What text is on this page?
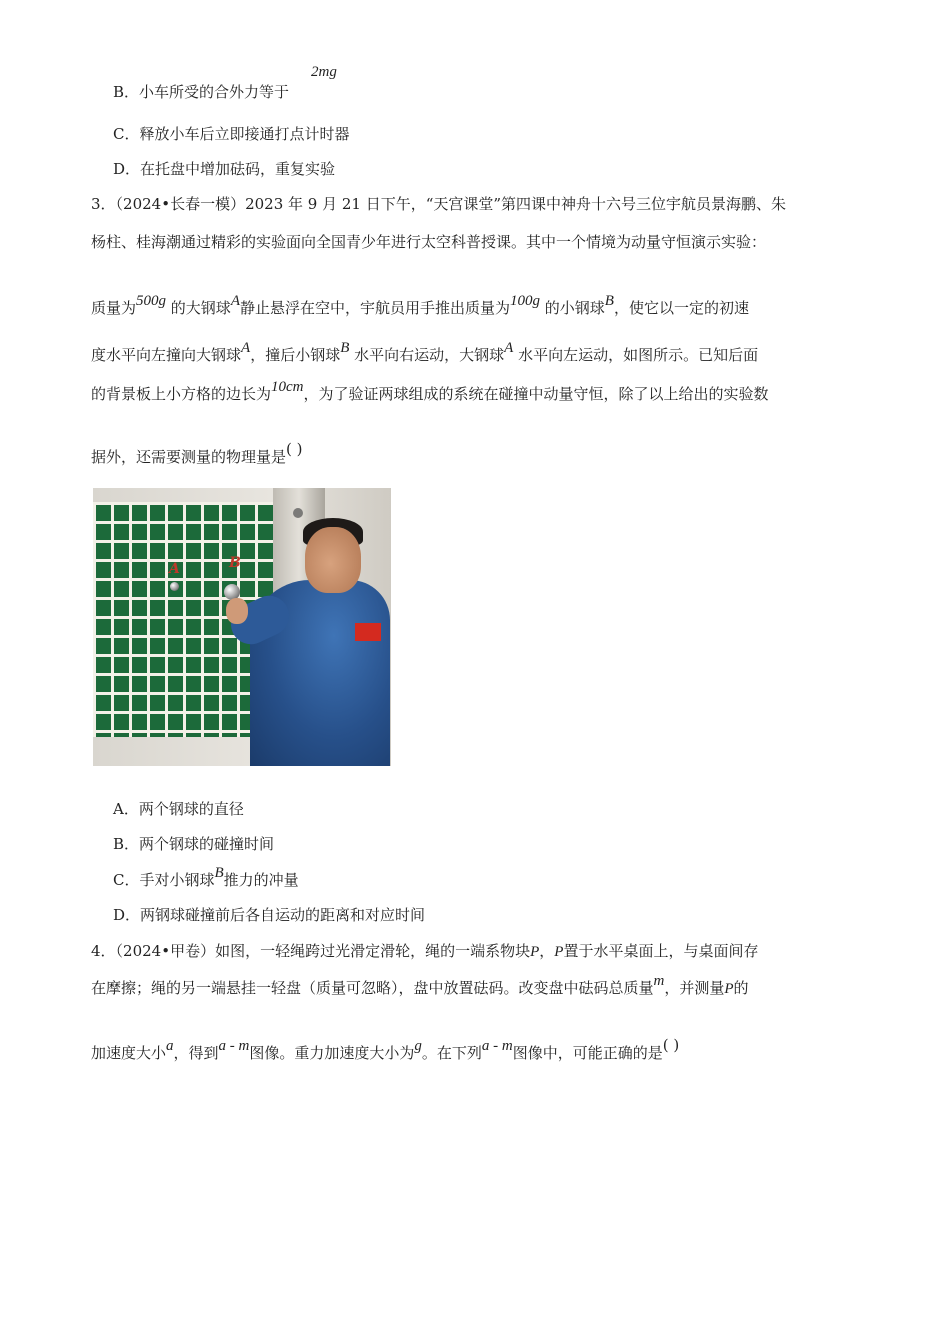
B．小车所受的合外力等于
2mg
C．释放小车后立即接通打点计时器
D．在托盘中增加砝码，重复实验
3．（2024•长春一模）2023 年 9 月 21 日下午，“天宫课堂”第四课中神舟十六号三位宇航员景海鹏、朱
杨柱、桂海潮通过精彩的实验面向全国青少年进行太空科普授课。其中一个情境为动量守恒演示实验：
质量为500g 的大钢球A静止悬浮在空中，宇航员用手推出质量为100g 的小钢球B，使它以一定的初速
度水平向左撞向大钢球A，撞后小钢球B 水平向右运动，大钢球A 水平向左运动，如图所示。已知后面
的背景板上小方格的边长为10cm，为了验证两球组成的系统在碰撞中动量守恒，除了以上给出的实验数
据外，还需要测量的物理量是( )
A	B
A．两个钢球的直径
B．两个钢球的碰撞时间
C．手对小钢球B推力的冲量
D．两钢球碰撞前后各自运动的距离和对应时间
4．（2024•甲卷）如图，一轻绳跨过光滑定滑轮，绳的一端系物块P，P置于水平桌面上，与桌面间存
在摩擦；绳的另一端悬挂一轻盘（质量可忽略），盘中放置砝码。改变盘中砝码总质量m，并测量P的
加速度大小a，得到a - m图像。重力加速度大小为g。在下列a - m图像中，可能正确的是( )
